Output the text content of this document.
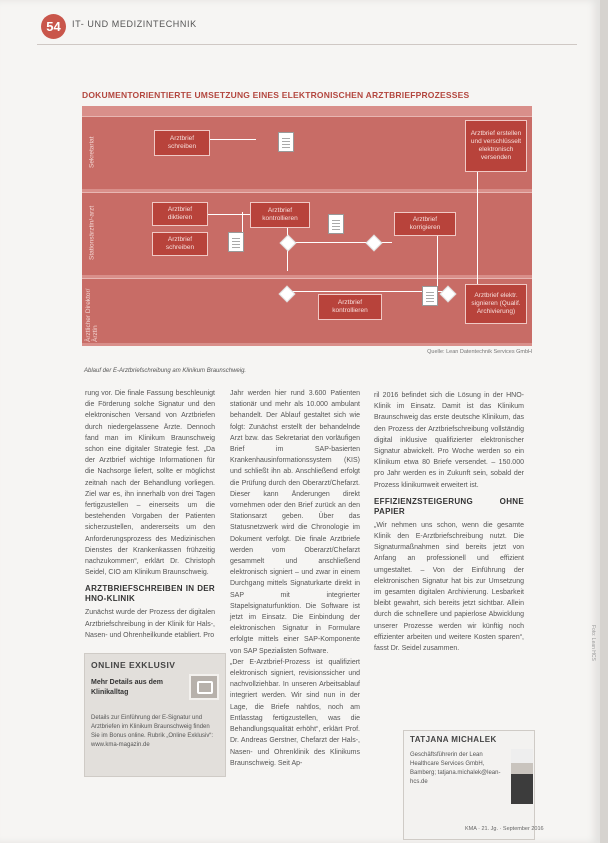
54	IT- UND MEDIZINTECHNIK
DOKUMENTORIENTIERTE UMSETZUNG EINES ELEKTRONISCHEN ARZTBRIEFPROZESSES
Sekretariat
Stationsärztin/-arzt
Ärztlicher Direktor/Ärztin
Arztbrief schreiben
Arztbrief diktieren
Arztbrief schreiben
Arztbrief kontrollieren	Arztbrief korrigieren
Arztbrief erstellen und verschlüsselt elektronisch versenden
Arztbrief kontrollieren
Arztbrief elektr. signieren (Qualif. Archivierung)
Quelle: Lean Datentechnik Services GmbH
Ablauf der E-Arztbriefschreibung am Klinikum Braunschweig.

rung vor. Die finale Fassung beschleunigt die Förderung solche Signatur und den elektronischen Versand von Arztbriefen durch niedergelassene Ärzte. Dennoch fand man im Klinikum Braunschweig schon eine digitaler Strategie fest. „Da der Arztbrief wichtige Informationen für die Nachsorge liefert, sollte er möglichst zeitnah nach der Behandlung vorliegen. Ziel war es, ihn innerhalb von drei Tagen fertigzustellen – einerseits um die bestehenden Vorgaben der Patienten sicherzustellen, andererseits um den Anforderungsprozess des Medizinischen Dienstes der Krankenkassen frühzeitig nachzukommen“, erklärt Dr. Christoph Seidel, CIO am Klinikum Braunschweig.

ARZTBRIEFSCHREIBEN IN DER HNO-KLINIK

Zunächst wurde der Prozess der digitalen Arztbriefschreibung in der Klinik für Hals-, Nasen- und Ohrenheilkunde etabliert. Pro

Jahr werden hier rund 3.600 Patienten stationär und mehr als 10.000 ambulant behandelt. Der Ablauf gestaltet sich wie folgt: Zunächst erstellt der behandelnde Arzt bzw. das Sekretariat den vorläufigen Brief im SAP-basierten Krankenhausinformationssystem (KIS) und schließt ihn ab. Anschließend erfolgt die Prüfung durch den Oberarzt/Chefarzt. Dieser kann Änderungen direkt vornehmen oder den Brief zurück an den Stationsarzt geben. Über das Statusnetzwerk wird die Chronologie im Dokument verfolgt. Die finale Arztbriefe werden vom Oberarzt/Chefarzt gesammelt und anschließend elektronisch signiert – und zwar in einem Durchgang mittels Signaturkarte direkt in SAP mit integrierter Stapelsignaturfunktion. Die Software ist jetzt im Einsatz. Die Einbindung der elektronischen Signatur in Formulare erfolgte mittels einer SAP-Komponente von SAP Spezialisten Software.

„Der E-Arztbrief-Prozess ist qualifiziert elektronisch signiert, revisionssicher und nachvollziehbar. In unseren Arbeitsablauf integriert werden. Wir sind nun in der Lage, die Briefe nahtlos, noch am Entlasstag fertigzustellen, was die Behandlungsqualität erhöht“, erklärt Prof. Dr. Andreas Gerstner, Chefarzt der Hals-, Nasen- und Ohrenklinik des Klinikums Braunschweig. Seit Ap-

ril 2016 befindet sich die Lösung in der HNO-Klinik im Einsatz. Damit ist das Klinikum Braunschweig das erste deutsche Klinikum, das den Prozess der Arztbriefschreibung vollständig digital inklusive qualifizierter elektronischer Signatur abwickelt. Pro Woche werden so ein Klinikum etwa 80 Briefe versendet. – 150.000 pro Jahr werden es in Zukunft sein, sobald der Prozess klinikumweit erweitert ist.

EFFIZIENZSTEIGERUNG OHNE PAPIER

„Wir nehmen uns schon, wenn die gesamte Klinik den E-Arztbriefschreibung nutzt. Die Signaturmaßnahmen sind bereits jetzt von Anfang an professionell und effizient umgestaltet. – Von der Einführung der elektronischen Signatur hat bis zur Umsetzung im gesamten digitalen Archivierung. Lesbarkeit bleibt gewahrt, sich bereits jetzt sichtbar. Allein durch die schnellere und papierlose Abwicklung unserer Prozesse werden wir künftig noch effizienter arbeiten und weitere Kosten sparen“, fasst Dr. Seidel zusammen.

ONLINE EXKLUSIV
Mehr Details aus dem Klinikalltag
Details zur Einführung der E-Signatur und Arztbriefen im Klinikum Braunschweig finden Sie im Bonus online. Rubrik „Online Exklusiv“: www.kma-magazin.de
TATJANA MICHALEK
Geschäftsführerin der Lean Healthcare Services GmbH, Bamberg; tatjana.michalek@lean-hcs.de
KMA · 21. Jg. · September 2016
Foto: Lean HCS
